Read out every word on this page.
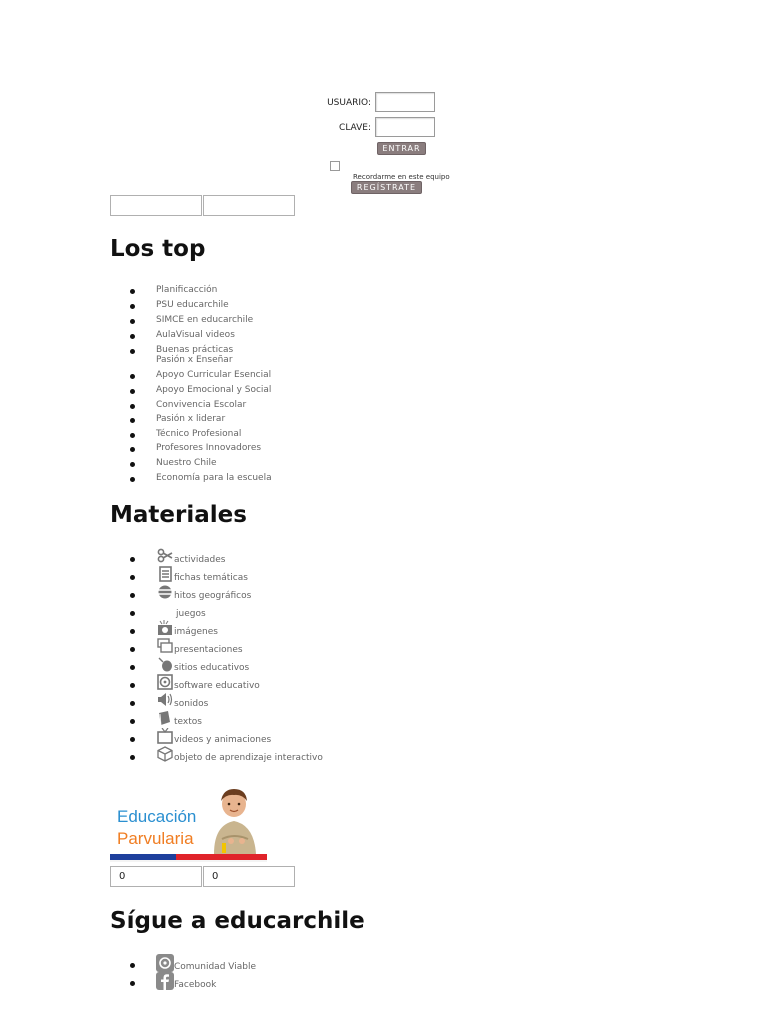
USUARIO:
CLAVE:
ENTRAR
Recordarme en este equipo
REGÍSTRATE
Los top
Planificacción
PSU educarchile
SIMCE en educarchile
AulaVisual videos
Buenas prácticas
Pasión x Enseñar
Apoyo Curricular Esencial
Apoyo Emocional y Social
Convivencia Escolar
Pasión x liderar
Técnico Profesional
Profesores Innovadores
Nuestro Chile
Economía para la escuela
Materiales
actividades
fichas temáticas
hitos geográficos
juegos
imágenes
presentaciones
sitios educativos
software educativo
sonidos
textos
videos y animaciones
objeto de aprendizaje interactivo
Educación
Parvularia
0	0
Sígue a educarchile
Comunidad Viable
Facebook
